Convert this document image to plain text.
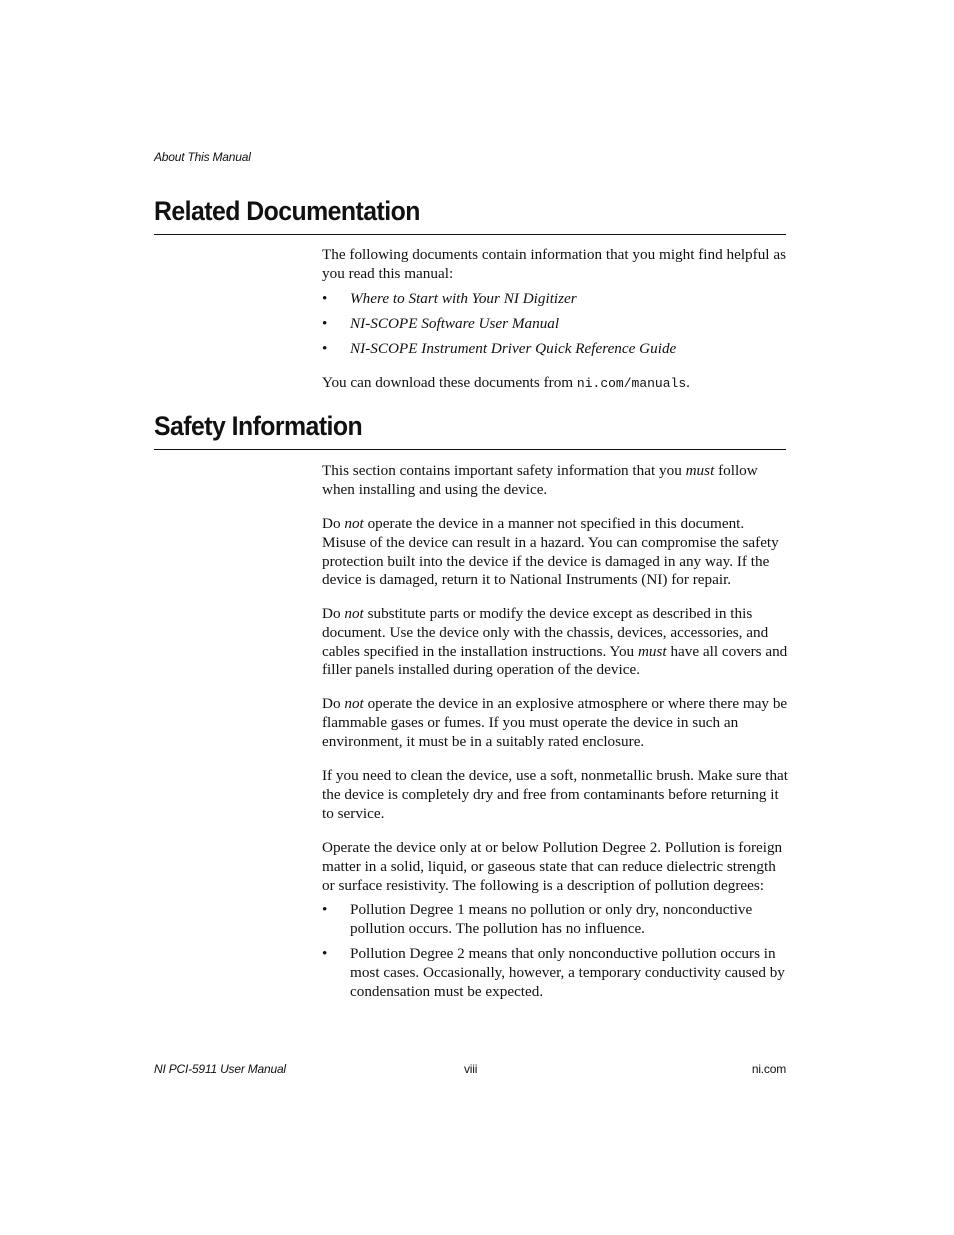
About This Manual
Related Documentation

The following documents contain information that you might find helpful as you read this manual:

• Where to Start with Your NI Digitizer
• NI-SCOPE Software User Manual
• NI-SCOPE Instrument Driver Quick Reference Guide

You can download these documents from ni.com/manuals.

Safety Information

This section contains important safety information that you must follow when installing and using the device.

Do not operate the device in a manner not specified in this document. Misuse of the device can result in a hazard. You can compromise the safety protection built into the device if the device is damaged in any way. If the device is damaged, return it to National Instruments (NI) for repair.

Do not substitute parts or modify the device except as described in this document. Use the device only with the chassis, devices, accessories, and cables specified in the installation instructions. You must have all covers and filler panels installed during operation of the device.

Do not operate the device in an explosive atmosphere or where there may be flammable gases or fumes. If you must operate the device in such an environment, it must be in a suitably rated enclosure.

If you need to clean the device, use a soft, nonmetallic brush. Make sure that the device is completely dry and free from contaminants before returning it to service.

Operate the device only at or below Pollution Degree 2. Pollution is foreign matter in a solid, liquid, or gaseous state that can reduce dielectric strength or surface resistivity. The following is a description of pollution degrees:

• Pollution Degree 1 means no pollution or only dry, nonconductive pollution occurs. The pollution has no influence.
• Pollution Degree 2 means that only nonconductive pollution occurs in most cases. Occasionally, however, a temporary conductivity caused by condensation must be expected.
NI PCI-5911 User Manual	viii	ni.com
